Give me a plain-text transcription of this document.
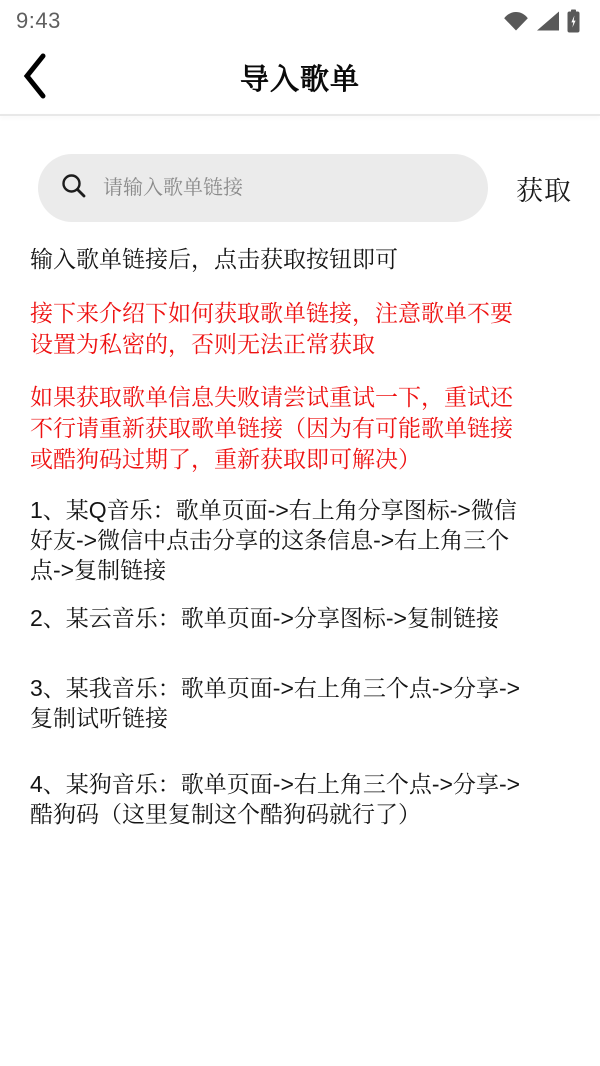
9:43
导入歌单
请输入歌单链接
获取
输入歌单链接后，点击获取按钮即可
接下来介绍下如何获取歌单链接，注意歌单不要
设置为私密的，否则无法正常获取
如果获取歌单信息失败请尝试重试一下，重试还
不行请重新获取歌单链接（因为有可能歌单链接
或酷狗码过期了，重新获取即可解决）
1、某Q音乐：歌单页面->右上角分享图标->微信
好友->微信中点击分享的这条信息->右上角三个
点->复制链接
2、某云音乐：歌单页面->分享图标->复制链接
3、某我音乐：歌单页面->右上角三个点->分享->
复制试听链接
4、某狗音乐：歌单页面->右上角三个点->分享->
酷狗码（这里复制这个酷狗码就行了）
